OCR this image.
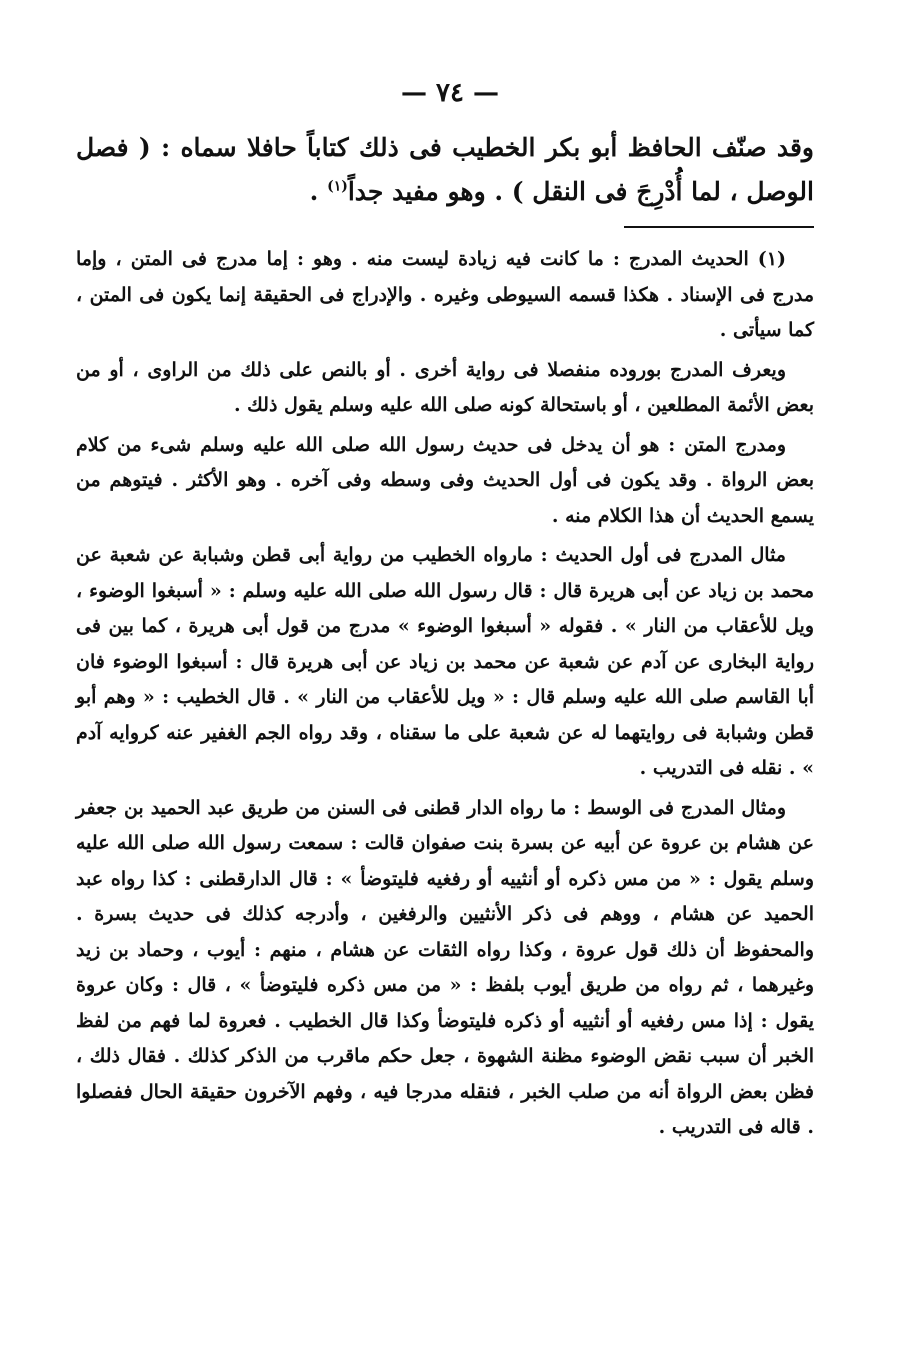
— ٧٤ —

وقد صنّف الحافظ أبو بكر الخطيب فى ذلك كتاباً حافلا سماه : ( فصل الوصل ، لما أُدْرِجَ فى النقل ) . وهو مفيد جداً$^{(١)}$ .

(١) الحديث المدرج : ما كانت فيه زيادة ليست منه . وهو : إما مدرج فى المتن ، وإما مدرج فى الإسناد . هكذا قسمه السيوطى وغيره . والإدراج فى الحقيقة إنما يكون فى المتن ، كما سيأتى .

ويعرف المدرج بوروده منفصلا فى رواية أخرى . أو بالنص على ذلك من الراوى ، أو من بعض الأئمة المطلعين ، أو باستحالة كونه صلى الله عليه وسلم يقول ذلك .

ومدرج المتن : هو أن يدخل فى حديث رسول الله صلى الله عليه وسلم شىء من كلام بعض الرواة . وقد يكون فى أول الحديث وفى وسطه وفى آخره . وهو الأكثر . فيتوهم من يسمع الحديث أن هذا الكلام منه .

مثال المدرج فى أول الحديث : مارواه الخطيب من رواية أبى قطن وشبابة عن شعبة عن محمد بن زياد عن أبى هريرة قال : قال رسول الله صلى الله عليه وسلم : « أسبغوا الوضوء ، ويل للأعقاب من النار » . فقوله « أسبغوا الوضوء » مدرج من قول أبى هريرة ، كما بين فى رواية البخارى عن آدم عن شعبة عن محمد بن زياد عن أبى هريرة قال : أسبغوا الوضوء فان أبا القاسم صلى الله عليه وسلم قال : « ويل للأعقاب من النار » . قال الخطيب : « وهم أبو قطن وشبابة فى روايتهما له عن شعبة على ما سقناه ، وقد رواه الجم الغفير عنه كروايه آدم » . نقله فى التدريب .

ومثال المدرج فى الوسط : ما رواه الدار قطنى فى السنن من طريق عبد الحميد بن جعفر عن هشام بن عروة عن أبيه عن بسرة بنت صفوان قالت : سمعت رسول الله صلى الله عليه وسلم يقول : « من مس ذكره أو أنثييه أو رفغيه فليتوضأ » : قال الدارقطنى : كذا رواه عبد الحميد عن هشام ، ووهم فى ذكر الأنثيين والرفغين ، وأدرجه كذلك فى حديث بسرة . والمحفوظ أن ذلك قول عروة ، وكذا رواه الثقات عن هشام ، منهم : أيوب ، وحماد بن زيد وغيرهما ، ثم رواه من طريق أيوب بلفظ : « من مس ذكره فليتوضأ » ، قال : وكان عروة يقول : إذا مس رفغيه أو أنثييه أو ذكره فليتوضأ وكذا قال الخطيب . فعروة لما فهم من لفظ الخبر أن سبب نقض الوضوء مظنة الشهوة ، جعل حكم ماقرب من الذكر كذلك . فقال ذلك ، فظن بعض الرواة أنه من صلب الخبر ، فنقله مدرجا فيه ، وفهم الآخرون حقيقة الحال ففصلوا . قاله فى التدريب .
